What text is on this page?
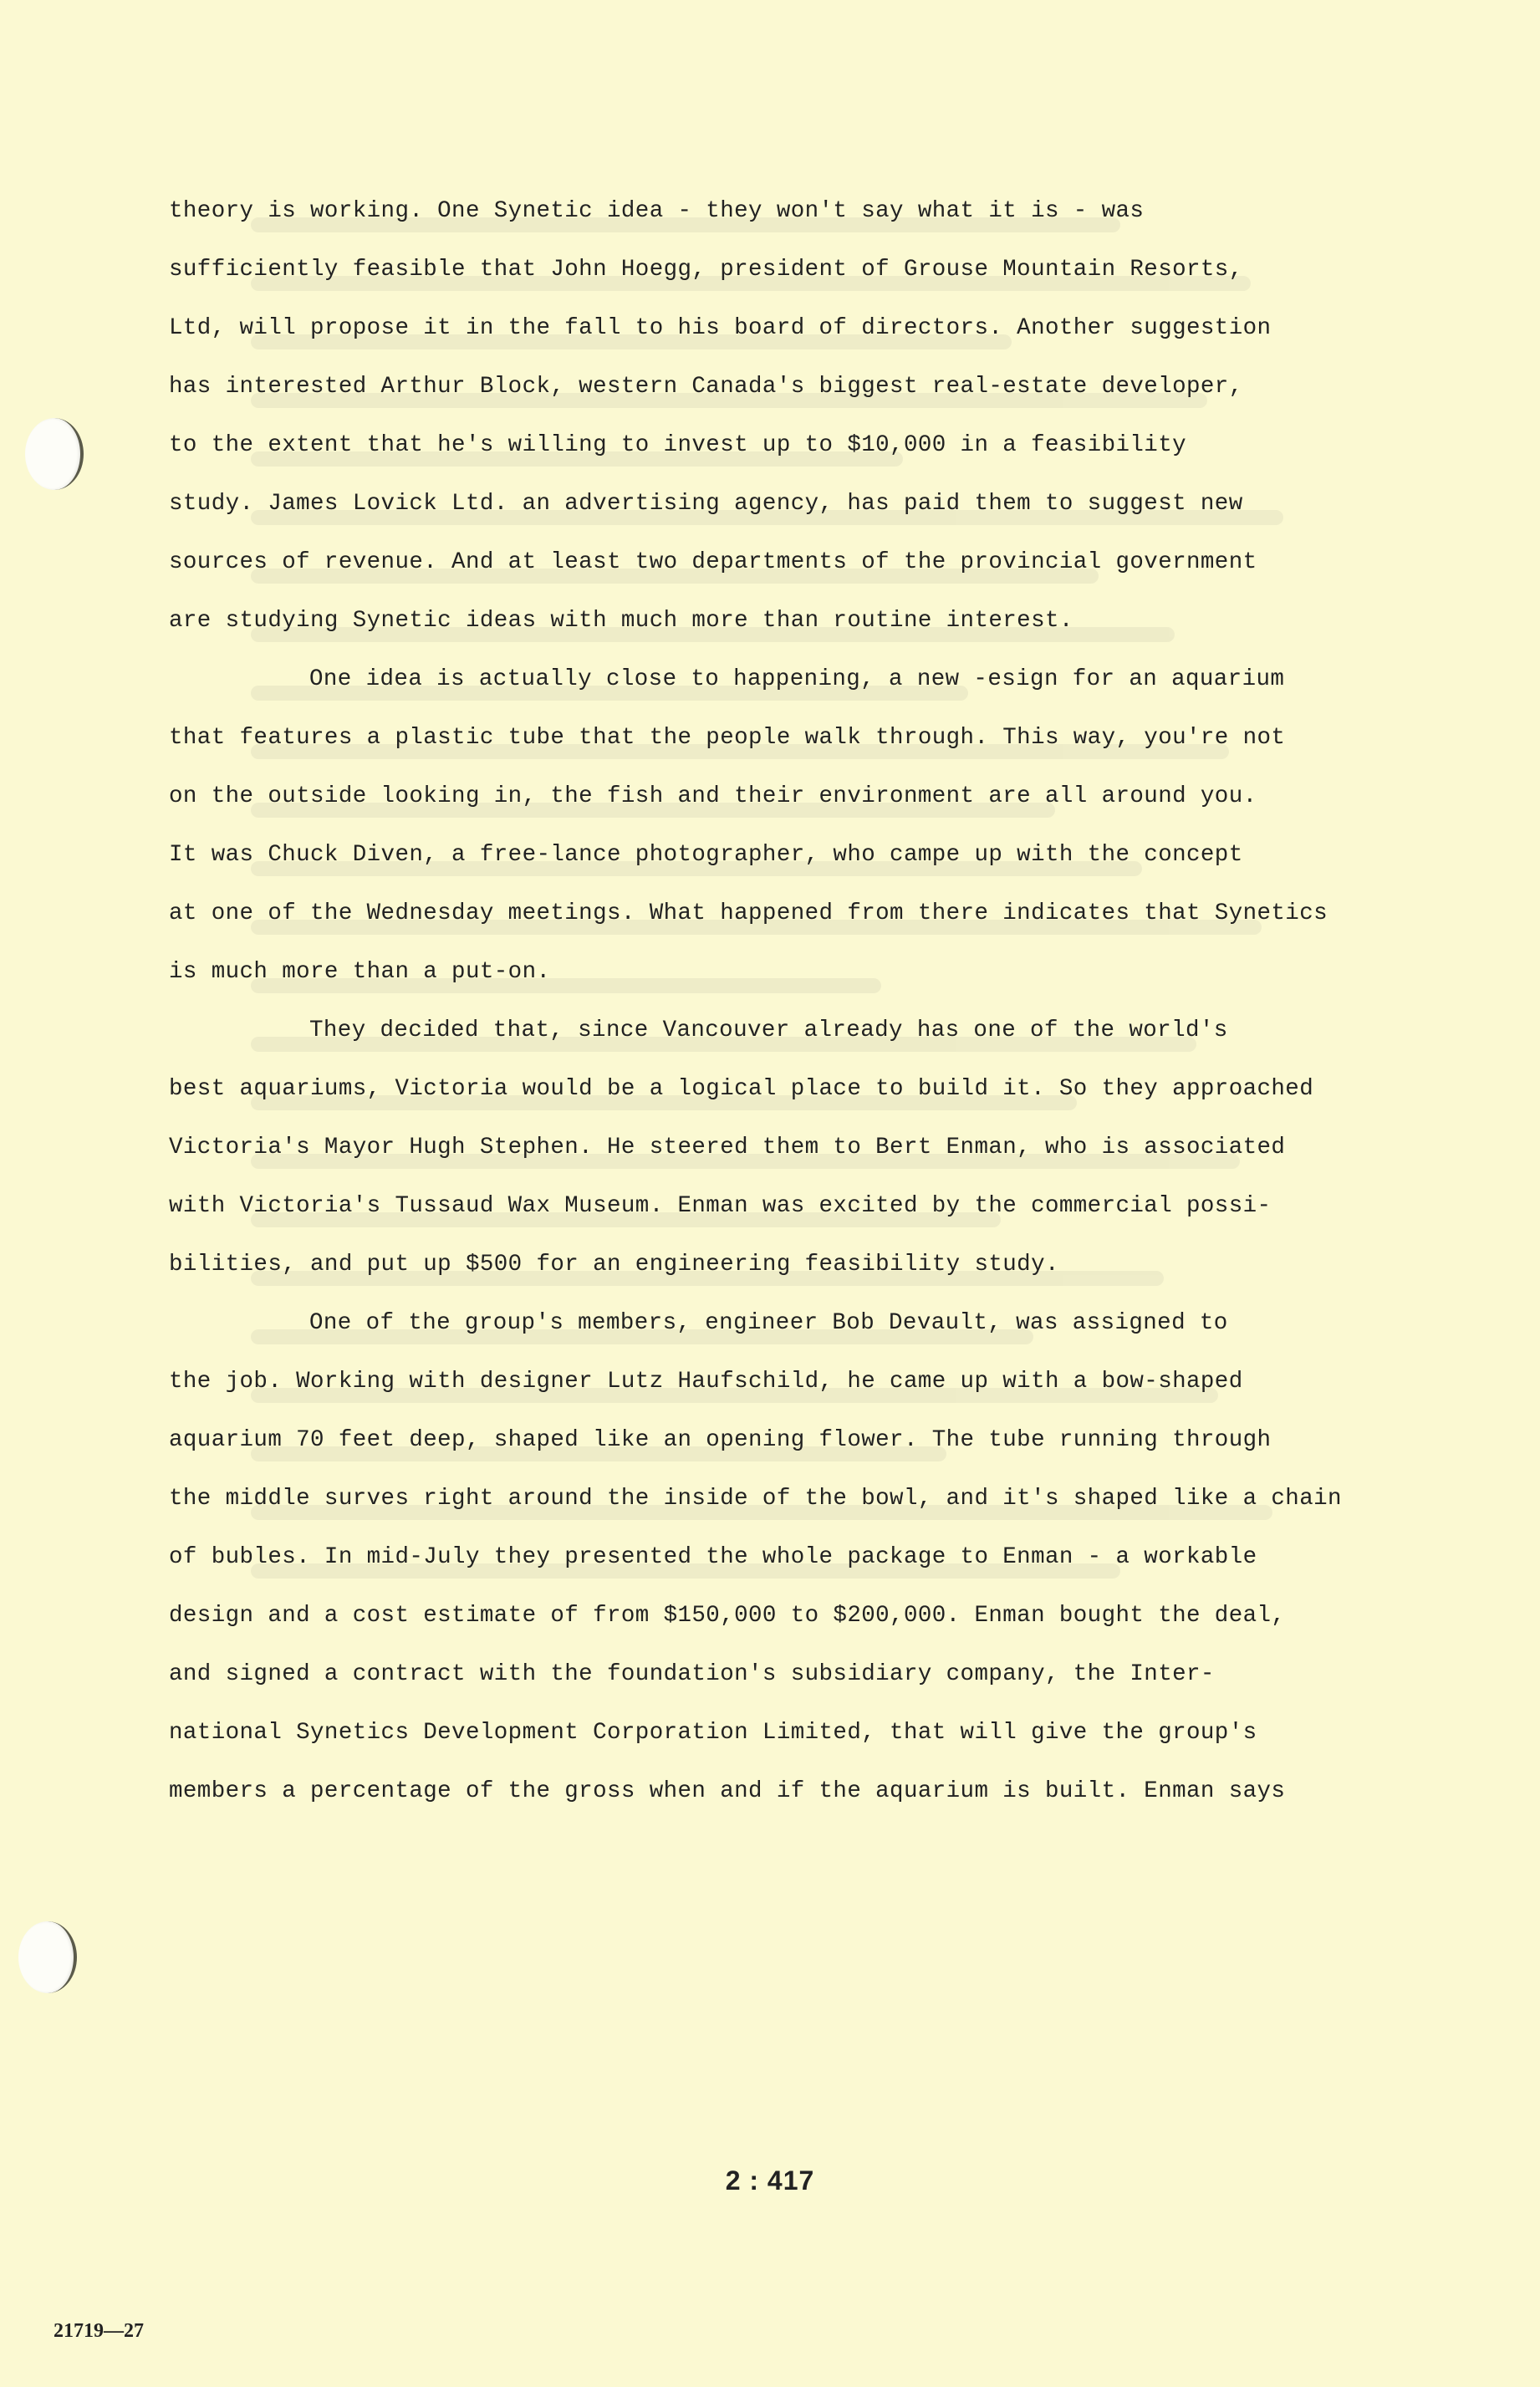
theory is working. One Synetic idea - they won't say what it is - was
sufficiently feasible that John Hoegg, president of Grouse Mountain Resorts,
Ltd, will propose it in the fall to his board of directors. Another suggestion
has interested Arthur Block, western Canada's biggest real-estate developer,
to the extent that he's willing to invest up to $10,000 in a feasibility
study. James Lovick Ltd. an advertising agency, has paid them to suggest new
sources of revenue. And at least two departments of the provincial government
are studying Synetic ideas with much more than routine interest.
One idea is actually close to happening, a new -esign for an aquarium
that features a plastic tube that the people walk through. This way, you're not
on the outside looking in, the fish and their environment are all around you.
It was Chuck Diven, a free-lance photographer, who campe up with the concept
at one of the Wednesday meetings. What happened from there indicates that Synetics
is much more than a put-on.
They decided that, since Vancouver already has one of the world's
best aquariums, Victoria would be a logical place to build it. So they approached
Victoria's Mayor Hugh Stephen. He steered them to Bert Enman, who is associated
with Victoria's Tussaud Wax Museum. Enman was excited by the commercial possi-
bilities, and put up $500 for an engineering feasibility study.
One of the group's members, engineer Bob Devault, was assigned to
the job. Working with designer Lutz Haufschild, he came up with a bow-shaped
aquarium 70 feet deep, shaped like an opening flower. The tube running through
the middle surves right around the inside of the bowl, and it's shaped like a chain
of bubles. In mid-July they presented the whole package to Enman - a workable
design and a cost estimate of from $150,000 to $200,000. Enman bought the deal,
and signed a contract with the foundation's subsidiary company, the Inter-
national Synetics Development Corporation Limited, that will give the group's
members a percentage of the gross when and if the aquarium is built. Enman says
2 : 417
21719—27
